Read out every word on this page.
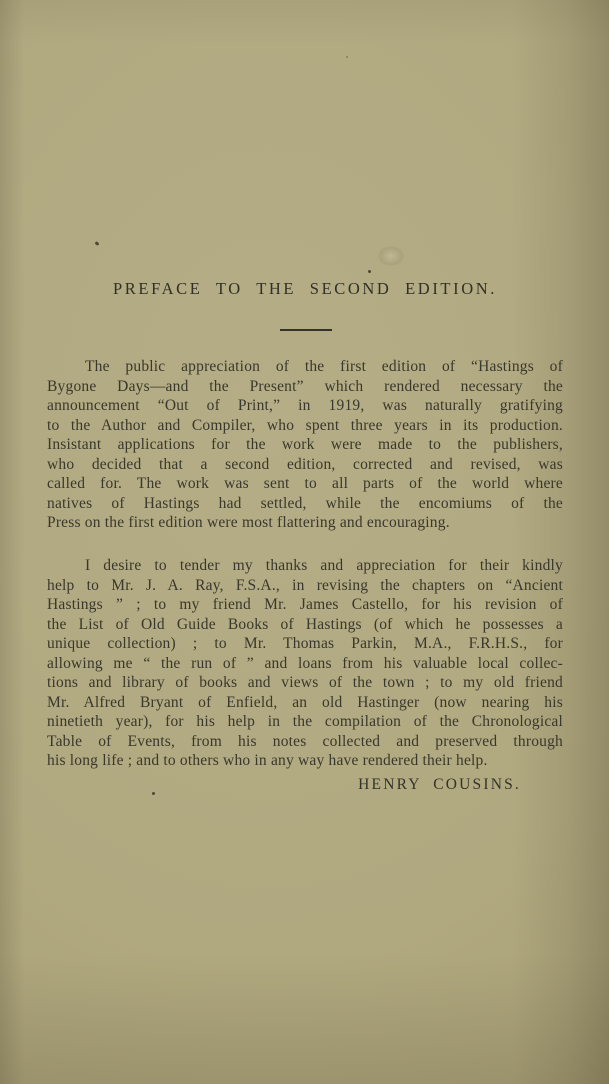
PREFACE TO THE SECOND EDITION.
The public appreciation of the first edition of “Hastings of
Bygone Days—and the Present” which rendered necessary the
announcement “Out of Print,” in 1919, was naturally gratifying
to the Author and Compiler, who spent three years in its production.
Insistant applications for the work were made to the publishers,
who decided that a second edition, corrected and revised, was
called for. The work was sent to all parts of the world where
natives of Hastings had settled, while the encomiums of the
Press on the first edition were most flattering and encouraging.
I desire to tender my thanks and appreciation for their kindly
help to Mr. J. A. Ray, F.S.A., in revising the chapters on “Ancient
Hastings ” ; to my friend Mr. James Castello, for his revision of
the List of Old Guide Books of Hastings (of which he possesses a
unique collection) ; to Mr. Thomas Parkin, M.A., F.R.H.S., for
allowing me “ the run of ” and loans from his valuable local collec-
tions and library of books and views of the town ; to my old friend
Mr. Alfred Bryant of Enfield, an old Hastinger (now nearing his
ninetieth year), for his help in the compilation of the Chronological
Table of Events, from his notes collected and preserved through
his long life ; and to others who in any way have rendered their help.
HENRY COUSINS.
